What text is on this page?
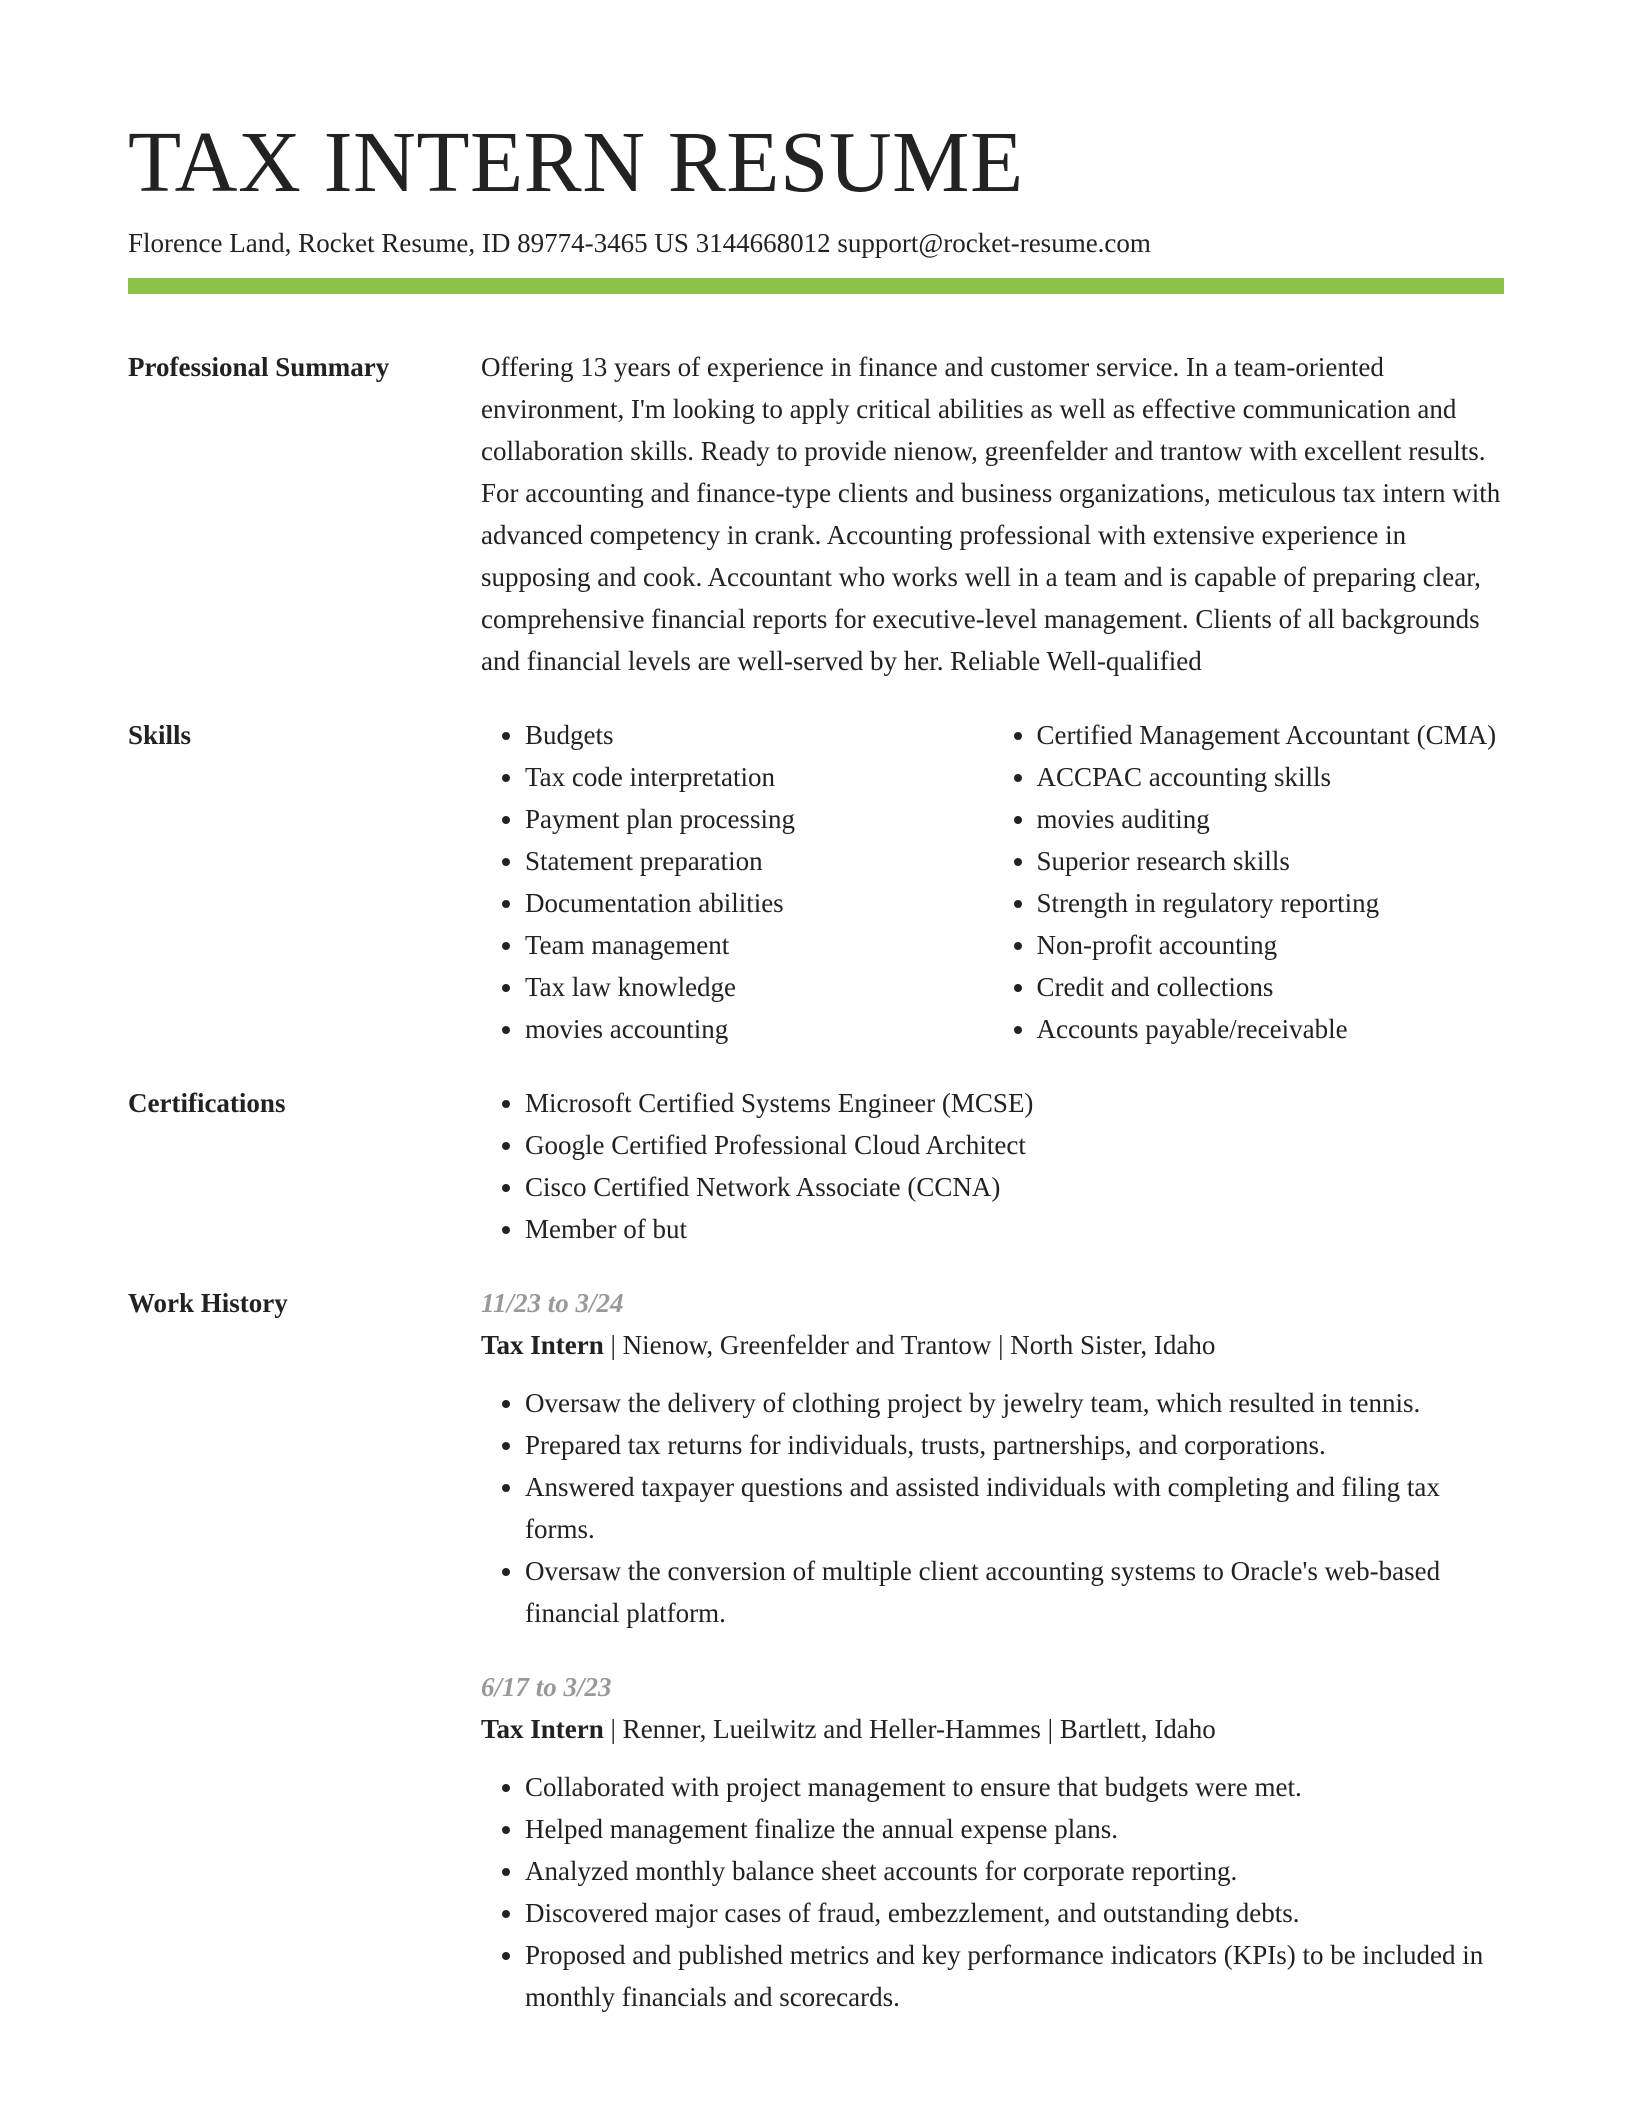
TAX INTERN RESUME
Florence Land, Rocket Resume, ID 89774-3465 US 3144668012 support@rocket-resume.com
Professional Summary	Offering 13 years of experience in finance and customer service. In a team-oriented environment, I'm looking to apply critical abilities as well as effective communication and collaboration skills. Ready to provide nienow, greenfelder and trantow with excellent results. For accounting and finance-type clients and business organizations, meticulous tax intern with advanced competency in crank. Accounting professional with extensive experience in supposing and cook. Accountant who works well in a team and is capable of preparing clear, comprehensive financial reports for executive-level management. Clients of all backgrounds and financial levels are well-served by her. Reliable Well-qualified

Skills	• Budgets
• Tax code interpretation
• Payment plan processing
• Statement preparation
• Documentation abilities
• Team management
• Tax law knowledge
• movies accounting
• Certified Management Accountant (CMA)
• ACCPAC accounting skills
• movies auditing
• Superior research skills
• Strength in regulatory reporting
• Non-profit accounting
• Credit and collections
• Accounts payable/receivable
Certifications	• Microsoft Certified Systems Engineer (MCSE)
• Google Certified Professional Cloud Architect
• Cisco Certified Network Associate (CCNA)
• Member of but
Work History	11/23 to 3/24
Tax Intern | Nienow, Greenfelder and Trantow | North Sister, Idaho
• Oversaw the delivery of clothing project by jewelry team, which resulted in tennis.
• Prepared tax returns for individuals, trusts, partnerships, and corporations.
• Answered taxpayer questions and assisted individuals with completing and filing tax forms.
• Oversaw the conversion of multiple client accounting systems to Oracle's web-based financial platform.
6/17 to 3/23
Tax Intern | Renner, Lueilwitz and Heller-Hammes | Bartlett, Idaho
• Collaborated with project management to ensure that budgets were met.
• Helped management finalize the annual expense plans.
• Analyzed monthly balance sheet accounts for corporate reporting.
• Discovered major cases of fraud, embezzlement, and outstanding debts.
• Proposed and published metrics and key performance indicators (KPIs) to be included in monthly financials and scorecards.
